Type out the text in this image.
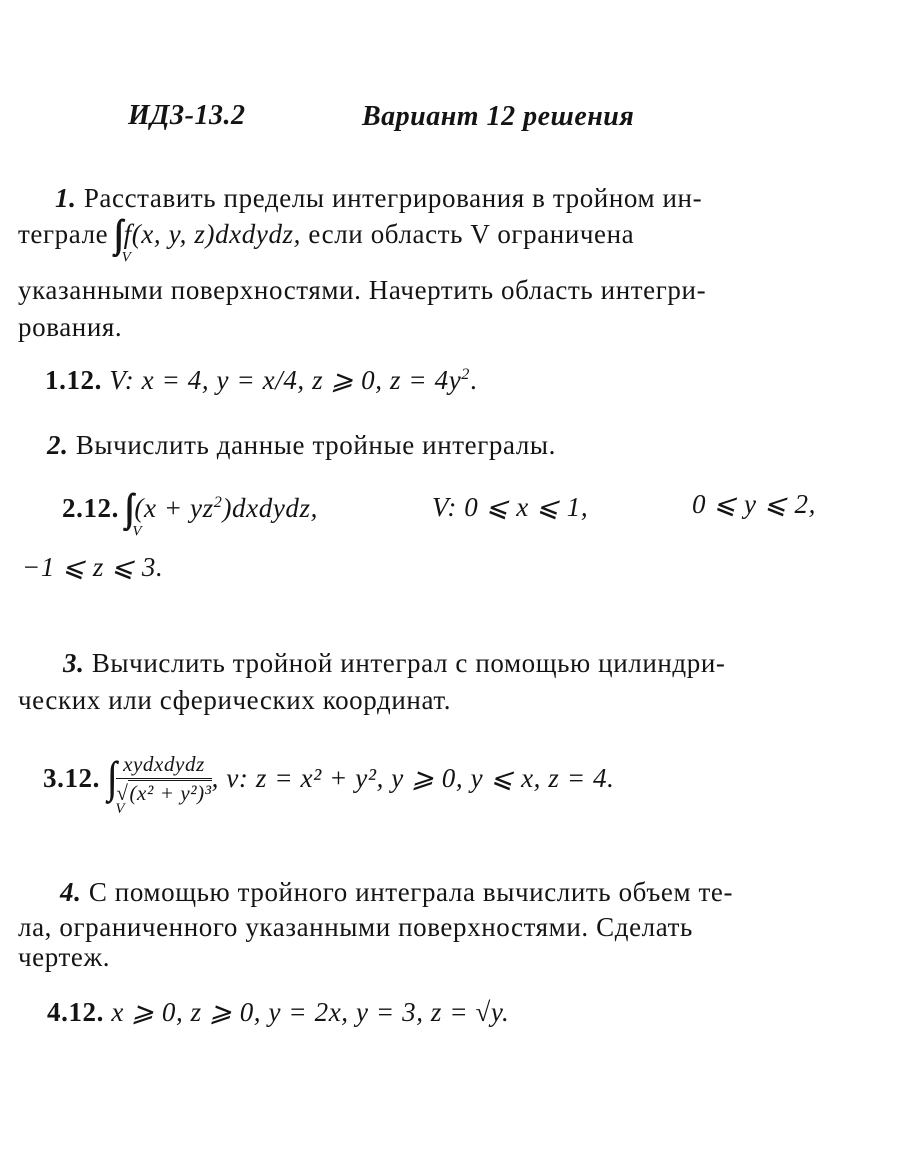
ИДЗ-13.2	Вариант 12 решения
1. Расставить пределы интегрирования в тройном ин-
теграле
V
f(x, y, z)dxdydz, если область V ограничена
указанными поверхностями. Начертить область интегри-
рования.
1.12. V: x = 4, y = x/4, z ⩾ 0, $z = 4y^2$.
2. Вычислить данные тройные интегралы.
2.12.
V
$(x + yz^2)dxdydz$,	V: 0 ⩽ x ⩽ 1,	0 ⩽ y ⩽ 2,
−1 ⩽ z ⩽ 3.
3. Вычислить тройной интеграл с помощью цилиндри-
ческих или сферических координат.
3.12. ∫∫∫
V
$\frac{\text{xydxdydz}}{\text{√(x² + y²)³}}$ , v: z = x² + y², y ⩾ 0, y ⩽ x, z = 4.
4. С помощью тройного интеграла вычислить объем те-
ла, ограниченного указанными поверхностями. Сделать
чертеж.
4.12. x ⩾ 0, z ⩾ 0, y = 2x, y = 3, z = √y.
